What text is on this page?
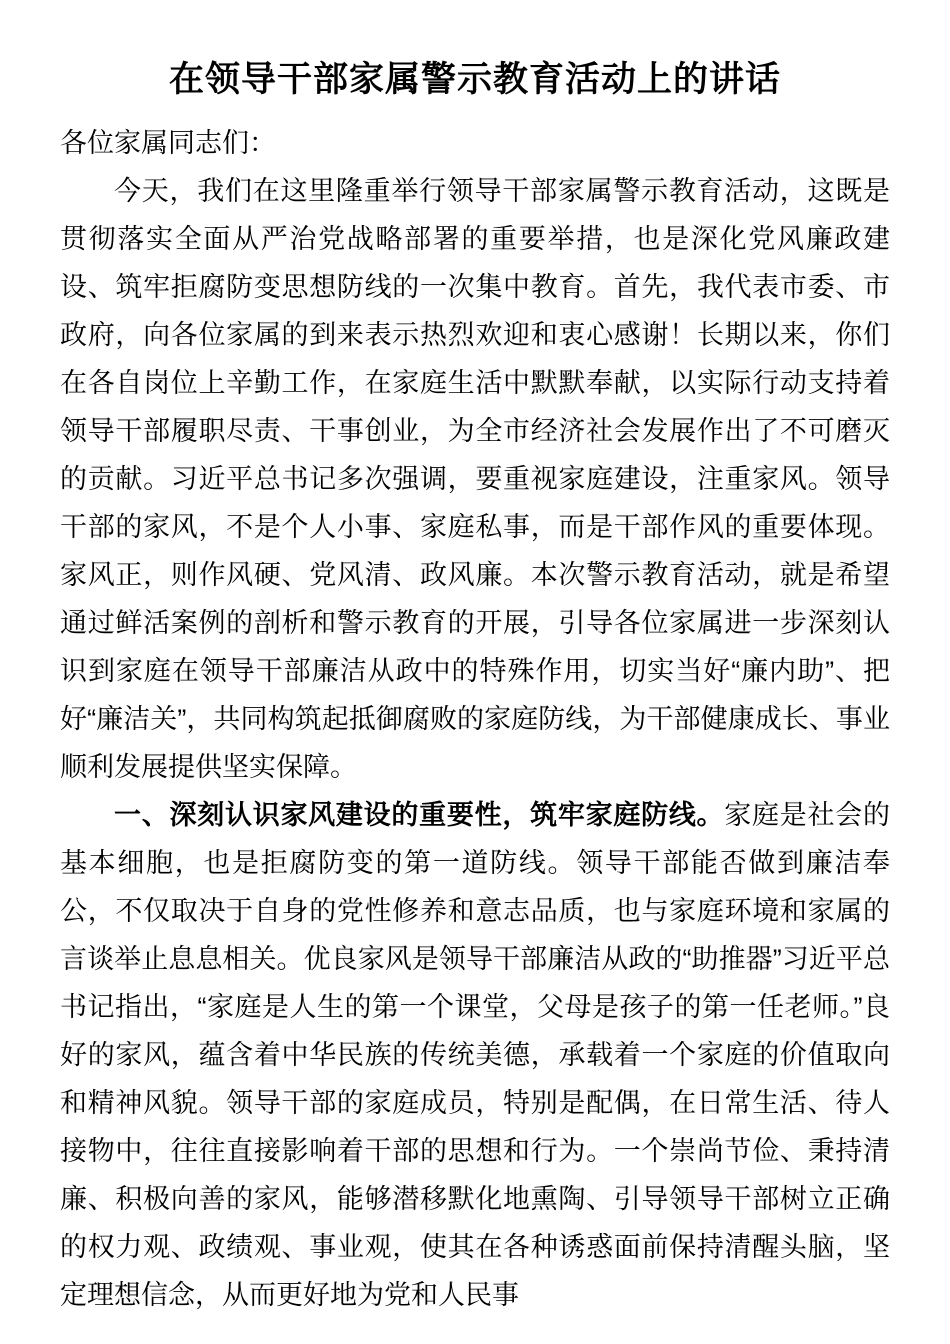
在领导干部家属警示教育活动上的讲话
各位家属同志们：

今天，我们在这里隆重举行领导干部家属警示教育活动，这既是贯彻落实全面从严治党战略部署的重要举措，也是深化党风廉政建设、筑牢拒腐防变思想防线的一次集中教育。首先，我代表市委、市政府，向各位家属的到来表示热烈欢迎和衷心感谢！长期以来，你们在各自岗位上辛勤工作，在家庭生活中默默奉献，以实际行动支持着领导干部履职尽责、干事创业，为全市经济社会发展作出了不可磨灭的贡献。习近平总书记多次强调，要重视家庭建设，注重家风。领导干部的家风，不是个人小事、家庭私事，而是干部作风的重要体现。家风正，则作风硬、党风清、政风廉。本次警示教育活动，就是希望通过鲜活案例的剖析和警示教育的开展，引导各位家属进一步深刻认识到家庭在领导干部廉洁从政中的特殊作用，切实当好“廉内助”、把好“廉洁关”，共同构筑起抵御腐败的家庭防线，为干部健康成长、事业顺利发展提供坚实保障。

一、深刻认识家风建设的重要性，筑牢家庭防线。家庭是社会的基本细胞，也是拒腐防变的第一道防线。领导干部能否做到廉洁奉公，不仅取决于自身的党性修养和意志品质，也与家庭环境和家属的言谈举止息息相关。优良家风是领导干部廉洁从政的“助推器”习近平总书记指出，“家庭是人生的第一个课堂，父母是孩子的第一任老师。”良好的家风，蕴含着中华民族的传统美德，承载着一个家庭的价值取向和精神风貌。领导干部的家庭成员，特别是配偶，在日常生活、待人接物中，往往直接影响着干部的思想和行为。一个崇尚节俭、秉持清廉、积极向善的家风，能够潜移默化地熏陶、引导领导干部树立正确的权力观、政绩观、事业观，使其在各种诱惑面前保持清醒头脑，坚定理想信念，从而更好地为党和人民事
